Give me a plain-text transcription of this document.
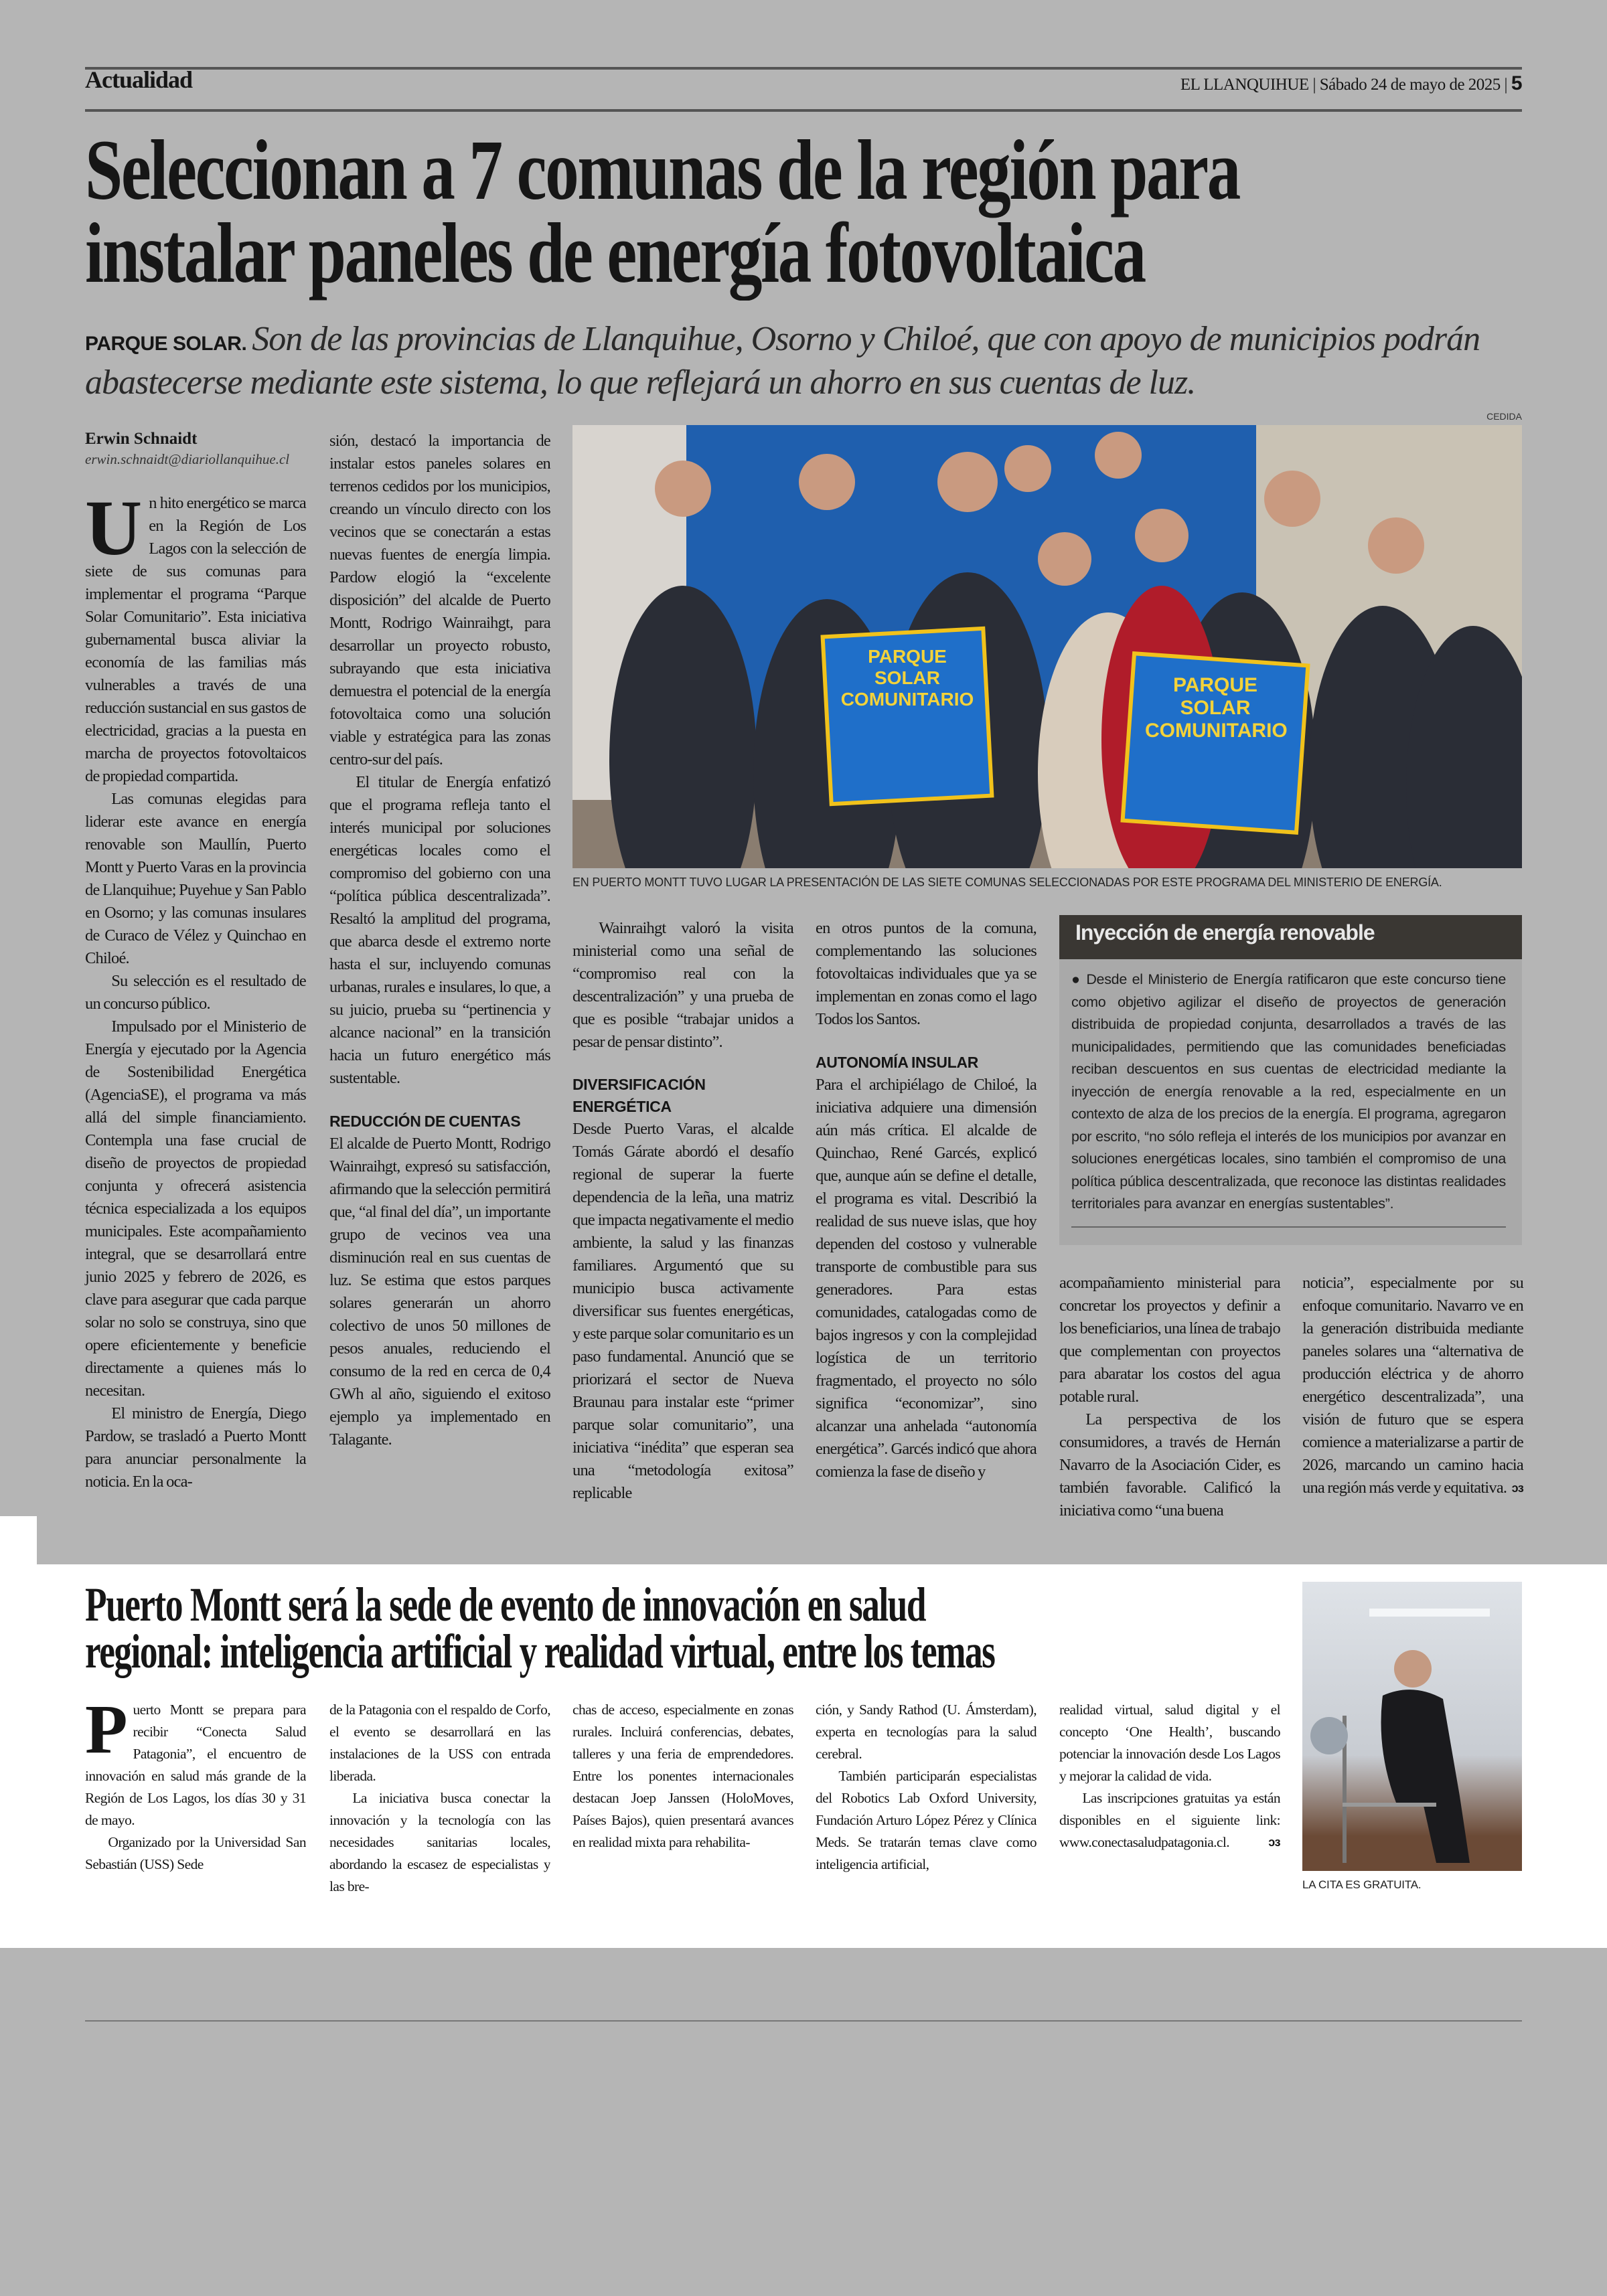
Actualidad	EL LLANQUIHUE | Sábado 24 de mayo de 2025 | 5
Seleccionan a 7 comunas de la región para
instalar paneles de energía fotovoltaica
PARQUE SOLAR. Son de las provincias de Llanquihue, Osorno y Chiloé, que con apoyo de municipios podrán abastecerse mediante este sistema, lo que reflejará un ahorro en sus cuentas de luz.
Erwin Schnaidt
erwin.schnaidt@diariollanquihue.cl

Un hito energético se marca en la Región de Los Lagos con la selección de siete de sus comunas para implementar el programa “Parque Solar Comunitario”. Esta iniciativa gubernamental busca aliviar la economía de las familias más vulnerables a través de una reducción sustancial en sus gastos de electricidad, gracias a la puesta en marcha de proyectos fotovoltaicos de propiedad compartida.

Las comunas elegidas para liderar este avance en energía renovable son Maullín, Puerto Montt y Puerto Varas en la provincia de Llanquihue; Puyehue y San Pablo en Osorno; y las comunas insulares de Curaco de Vélez y Quinchao en Chiloé.

Su selección es el resultado de un concurso público.

Impulsado por el Ministerio de Energía y ejecutado por la Agencia de Sostenibilidad Energética (AgenciaSE), el programa va más allá del simple financiamiento. Contempla una fase crucial de diseño de proyectos de propiedad conjunta y ofrecerá asistencia técnica especializada a los equipos municipales. Este acompañamiento integral, que se desarrollará entre junio 2025 y febrero de 2026, es clave para asegurar que cada parque solar no solo se construya, sino que opere eficientemente y beneficie directamente a quienes más lo necesitan.

El ministro de Energía, Diego Pardow, se trasladó a Puerto Montt para anunciar personalmente la noticia. En la oca-

sión, destacó la importancia de instalar estos paneles solares en terrenos cedidos por los municipios, creando un vínculo directo con los vecinos que se conectarán a estas nuevas fuentes de energía limpia. Pardow elogió la “excelente disposición” del alcalde de Puerto Montt, Rodrigo Wainraihgt, para desarrollar un proyecto robusto, subrayando que esta iniciativa demuestra el potencial de la energía fotovoltaica como una solución viable y estratégica para las zonas centro-sur del país.

El titular de Energía enfatizó que el programa refleja tanto el interés municipal por soluciones energéticas locales como el compromiso del gobierno con una “política pública descentralizada”. Resaltó la amplitud del programa, que abarca desde el extremo norte hasta el sur, incluyendo comunas urbanas, rurales e insulares, lo que, a su juicio, prueba su “pertinencia y alcance nacional” en la transición hacia un futuro energético más sustentable.

REDUCCIÓN DE CUENTAS

El alcalde de Puerto Montt, Rodrigo Wainraihgt, expresó su satisfacción, afirmando que la selección permitirá que, “al final del día”, un importante grupo de vecinos vea una disminución real en sus cuentas de luz. Se estima que estos parques solares generarán un ahorro colectivo de unos 50 millones de pesos anuales, reduciendo el consumo de la red en cerca de 0,4 GWh al año, siguiendo el exitoso ejemplo ya implementado en Talagante.

CEDIDA
PARQUE SOLAR COMUNITARIO
PARQUE SOLAR COMUNITARIO
EN PUERTO MONTT TUVO LUGAR LA PRESENTACIÓN DE LAS SIETE COMUNAS SELECCIONADAS POR ESTE PROGRAMA DEL MINISTERIO DE ENERGÍA.

Wainraihgt valoró la visita ministerial como una señal de “compromiso real con la descentralización” y una prueba de que es posible “trabajar unidos a pesar de pensar distinto”.

DIVERSIFICACIÓN ENERGÉTICA

Desde Puerto Varas, el alcalde Tomás Gárate abordó el desafío regional de superar la fuerte dependencia de la leña, una matriz que impacta negativamente el medio ambiente, la salud y las finanzas familiares. Argumentó que su municipio busca activamente diversificar sus fuentes energéticas, y este parque solar comunitario es un paso fundamental. Anunció que se priorizará el sector de Nueva Braunau para instalar este “primer parque solar comunitario”, una iniciativa “inédita” que esperan sea una “metodología exitosa” replicable

en otros puntos de la comuna, complementando las soluciones fotovoltaicas individuales que ya se implementan en zonas como el lago Todos los Santos.

AUTONOMÍA INSULAR

Para el archipiélago de Chiloé, la iniciativa adquiere una dimensión aún más crítica. El alcalde de Quinchao, René Garcés, explicó que, aunque aún se define el detalle, el programa es vital. Describió la realidad de sus nueve islas, que hoy dependen del costoso y vulnerable transporte de combustible para sus generadores. Para estas comunidades, catalogadas como de bajos ingresos y con la complejidad logística de un territorio fragmentado, el proyecto no sólo significa “economizar”, sino alcanzar una anhelada “autonomía energética”. Garcés indicó que ahora comienza la fase de diseño y

Inyección de energía renovable
● Desde el Ministerio de Energía ratificaron que este concurso tiene como objetivo agilizar el diseño de proyectos de generación distribuida de propiedad conjunta, desarrollados a través de las municipalidades, permitiendo que las comunidades beneficiadas reciban descuentos en sus cuentas de electricidad mediante la inyección de energía renovable a la red, especialmente en un contexto de alza de los precios de la energía. El programa, agregaron por escrito, “no sólo refleja el interés de los municipios por avanzar en soluciones energéticas locales, sino también el compromiso de una política pública descentralizada, que reconoce las distintas realidades territoriales para avanzar en energías sustentables”.

acompañamiento ministerial para concretar los proyectos y definir a los beneficiarios, una línea de trabajo que complementan con proyectos para abaratar los costos del agua potable rural.

La perspectiva de los consumidores, a través de Hernán Navarro de la Asociación Cider, es también favorable. Calificó la iniciativa como “una buena

noticia”, especialmente por su enfoque comunitario. Navarro ve en la generación distribuida mediante paneles solares una “alternativa de producción eléctrica y de ahorro energético descentralizada”, una visión de futuro que se espera comience a materializarse a partir de 2026, marcando un camino hacia una región más verde y equitativa. ↄз

Puerto Montt será la sede de evento de innovación en salud
regional: inteligencia artificial y realidad virtual, entre los temas

Puerto Montt se prepara para recibir “Conecta Salud Patagonia”, el encuentro de innovación en salud más grande de la Región de Los Lagos, los días 30 y 31 de mayo.

Organizado por la Universidad San Sebastián (USS) Sede

de la Patagonia con el respaldo de Corfo, el evento se desarrollará en las instalaciones de la USS con entrada liberada.

La iniciativa busca conectar la innovación y la tecnología con las necesidades sanitarias locales, abordando la escasez de especialistas y las bre-

chas de acceso, especialmente en zonas rurales. Incluirá conferencias, debates, talleres y una feria de emprendedores. Entre los ponentes internacionales destacan Joep Janssen (HoloMoves, Países Bajos), quien presentará avances en realidad mixta para rehabilita-

ción, y Sandy Rathod (U. Ámsterdam), experta en tecnologías para la salud cerebral.

También participarán especialistas del Robotics Lab Oxford University, Fundación Arturo López Pérez y Clínica Meds. Se tratarán temas clave como inteligencia artificial,

realidad virtual, salud digital y el concepto ‘One Health’, buscando potenciar la innovación desde Los Lagos y mejorar la calidad de vida.

Las inscripciones gratuitas ya están disponibles en el siguiente link: www.conectasaludpatagonia.cl.	ↄз

LA CITA ES GRATUITA.
